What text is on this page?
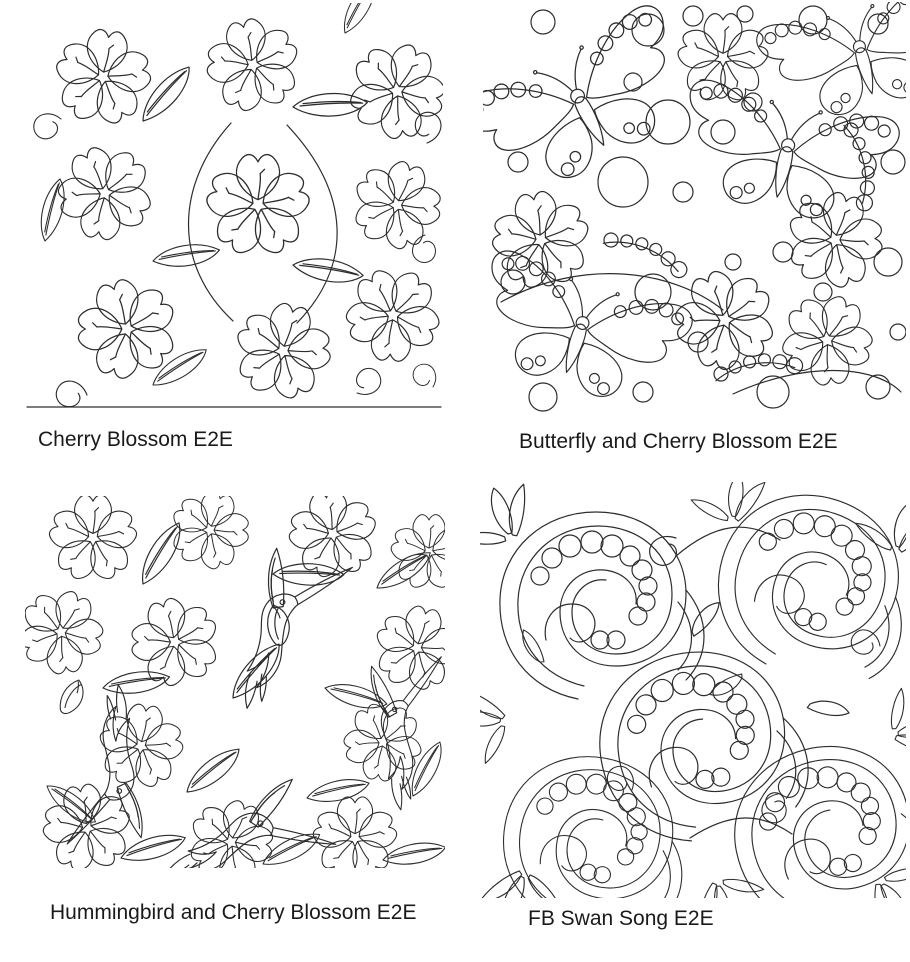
Cherry Blossom E2E	Butterfly and Cherry Blossom E2E
Hummingbird and Cherry Blossom E2E	FB Swan Song E2E
